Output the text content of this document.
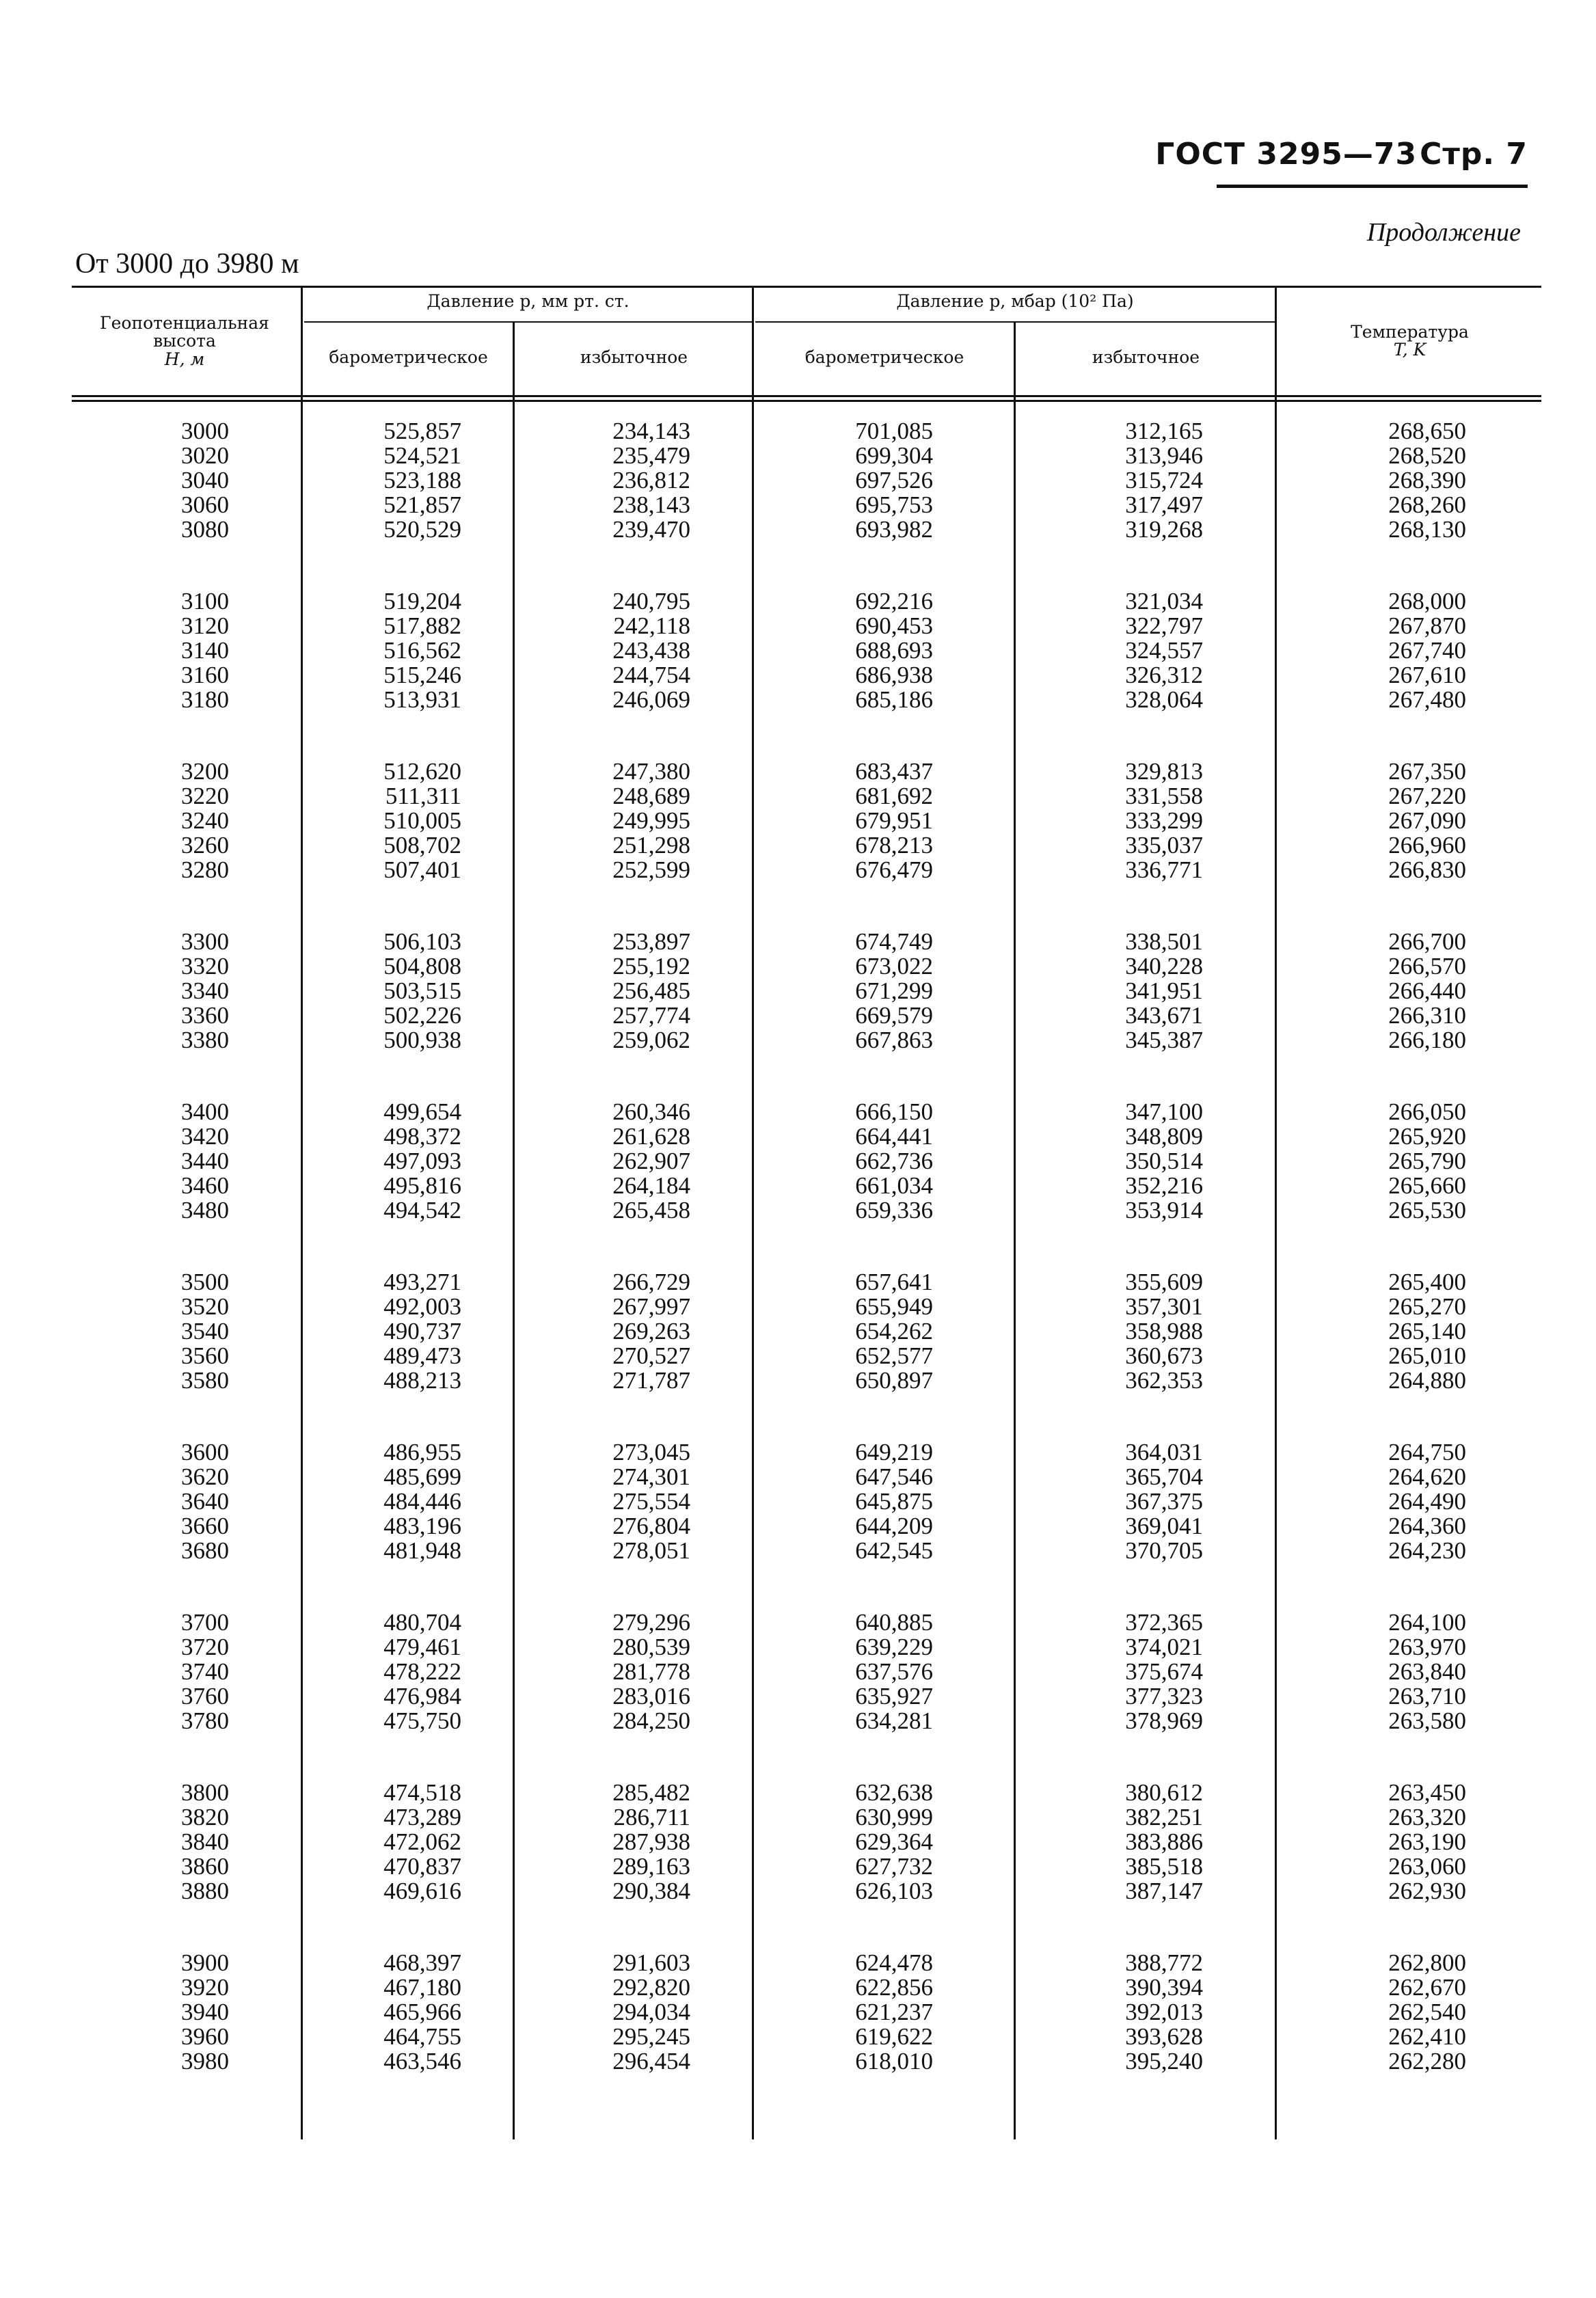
ГОСТ 3295—73 Стр. 7
Продолжение
От 3000 до 3980 м
Геопотенциальная
высота
H, м
Давление p, мм рт. ст.
барометрическое	избыточное
Давление p, мбар (10² Па)
барометрическое	избыточное
Температура
T, K
3000	525,857	234,143	701,085	312,165	268,650
3020	524,521	235,479	699,304	313,946	268,520
3040	523,188	236,812	697,526	315,724	268,390
3060	521,857	238,143	695,753	317,497	268,260
3080	520,529	239,470	693,982	319,268	268,130
3100	519,204	240,795	692,216	321,034	268,000
3120	517,882	242,118	690,453	322,797	267,870
3140	516,562	243,438	688,693	324,557	267,740
3160	515,246	244,754	686,938	326,312	267,610
3180	513,931	246,069	685,186	328,064	267,480
3200	512,620	247,380	683,437	329,813	267,350
3220	511,311	248,689	681,692	331,558	267,220
3240	510,005	249,995	679,951	333,299	267,090
3260	508,702	251,298	678,213	335,037	266,960
3280	507,401	252,599	676,479	336,771	266,830
3300	506,103	253,897	674,749	338,501	266,700
3320	504,808	255,192	673,022	340,228	266,570
3340	503,515	256,485	671,299	341,951	266,440
3360	502,226	257,774	669,579	343,671	266,310
3380	500,938	259,062	667,863	345,387	266,180
3400	499,654	260,346	666,150	347,100	266,050
3420	498,372	261,628	664,441	348,809	265,920
3440	497,093	262,907	662,736	350,514	265,790
3460	495,816	264,184	661,034	352,216	265,660
3480	494,542	265,458	659,336	353,914	265,530
3500	493,271	266,729	657,641	355,609	265,400
3520	492,003	267,997	655,949	357,301	265,270
3540	490,737	269,263	654,262	358,988	265,140
3560	489,473	270,527	652,577	360,673	265,010
3580	488,213	271,787	650,897	362,353	264,880
3600	486,955	273,045	649,219	364,031	264,750
3620	485,699	274,301	647,546	365,704	264,620
3640	484,446	275,554	645,875	367,375	264,490
3660	483,196	276,804	644,209	369,041	264,360
3680	481,948	278,051	642,545	370,705	264,230
3700	480,704	279,296	640,885	372,365	264,100
3720	479,461	280,539	639,229	374,021	263,970
3740	478,222	281,778	637,576	375,674	263,840
3760	476,984	283,016	635,927	377,323	263,710
3780	475,750	284,250	634,281	378,969	263,580
3800	474,518	285,482	632,638	380,612	263,450
3820	473,289	286,711	630,999	382,251	263,320
3840	472,062	287,938	629,364	383,886	263,190
3860	470,837	289,163	627,732	385,518	263,060
3880	469,616	290,384	626,103	387,147	262,930
3900	468,397	291,603	624,478	388,772	262,800
3920	467,180	292,820	622,856	390,394	262,670
3940	465,966	294,034	621,237	392,013	262,540
3960	464,755	295,245	619,622	393,628	262,410
3980	463,546	296,454	618,010	395,240	262,280
